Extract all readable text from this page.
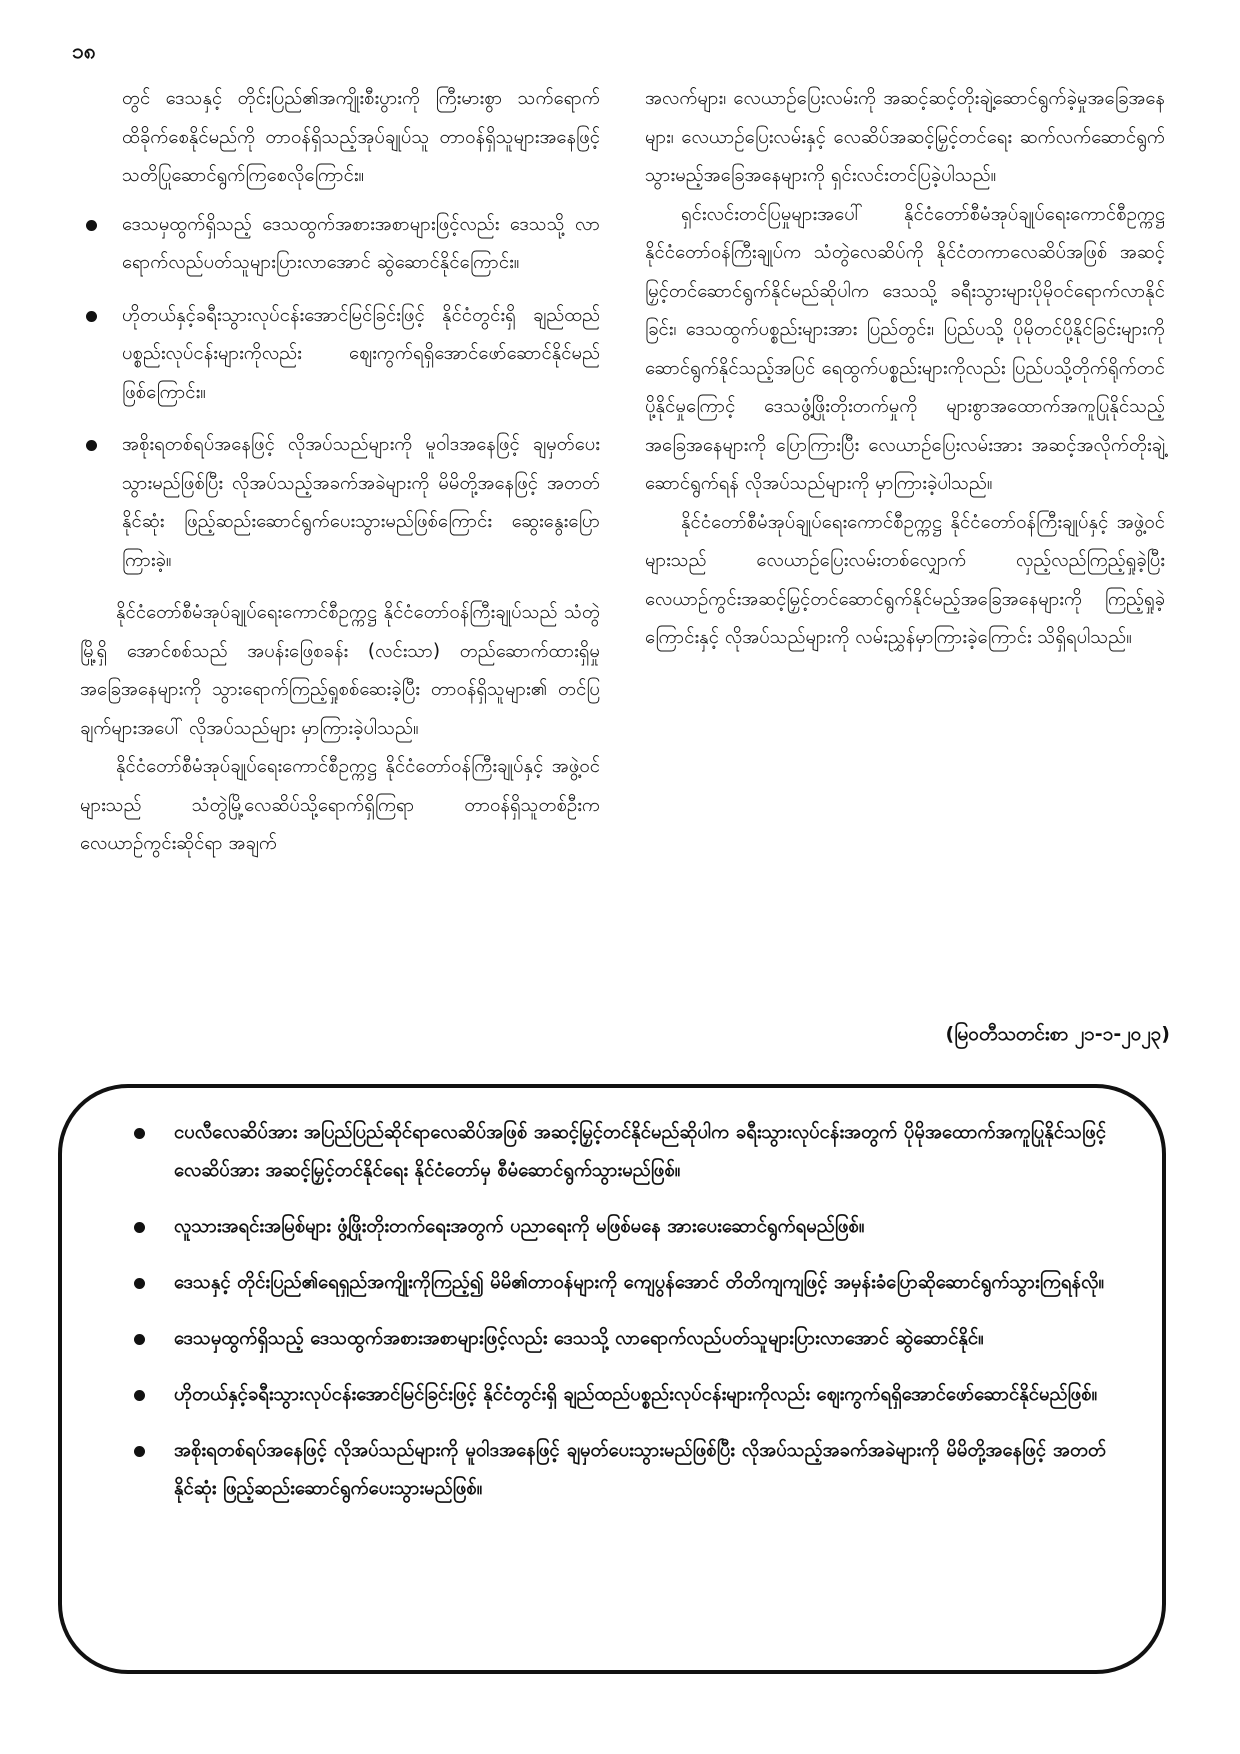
၁၈

တွင် ဒေသနှင့် တိုင်းပြည်၏အကျိုးစီးပွားကို ကြီးမားစွာ သက်ရောက်ထိခိုက်စေနိုင်မည်ကို တာဝန်ရှိသည့်အုပ်ချုပ်သူ တာဝန်ရှိသူများအနေဖြင့် သတိပြုဆောင်ရွက်ကြစေလိုကြောင်း။

ဒေသမှထွက်ရှိသည့် ဒေသထွက်အစားအစာများဖြင့်လည်း ဒေသသို့ လာရောက်လည်ပတ်သူများပြားလာအောင် ဆွဲဆောင်နိုင်ကြောင်း။
ဟိုတယ်နှင့်ခရီးသွားလုပ်ငန်းအောင်မြင်ခြင်းဖြင့် နိုင်ငံတွင်းရှိ ချည်ထည်ပစ္စည်းလုပ်ငန်းများကိုလည်း ဈေးကွက်ရရှိအောင်ဖော်ဆောင်နိုင်မည်ဖြစ်ကြောင်း။
အစိုးရတစ်ရပ်အနေဖြင့် လိုအပ်သည်များကို မူဝါဒအနေဖြင့် ချမှတ်ပေးသွားမည်ဖြစ်ပြီး လိုအပ်သည့်အခက်အခဲများကို မိမိတို့အနေဖြင့် အတတ်နိုင်ဆုံး ဖြည့်ဆည်းဆောင်ရွက်ပေးသွားမည်ဖြစ်ကြောင်း ဆွေးနွေးပြောကြားခဲ့။

နိုင်ငံတော်စီမံအုပ်ချုပ်ရေးကောင်စီဥက္ကဋ္ဌ နိုင်ငံတော်ဝန်ကြီးချုပ်သည် သံတွဲမြို့ရှိ အောင်စစ်သည် အပန်းဖြေစခန်း (လင်းသာ) တည်ဆောက်ထားရှိမှုအခြေအနေများကို သွားရောက်ကြည့်ရှုစစ်ဆေးခဲ့ပြီး တာဝန်ရှိသူများ၏ တင်ပြချက်များအပေါ် လိုအပ်သည်များ မှာကြားခဲ့ပါသည်။

နိုင်ငံတော်စီမံအုပ်ချုပ်ရေးကောင်စီဥက္ကဋ္ဌ နိုင်ငံတော်ဝန်ကြီးချုပ်နှင့် အဖွဲ့ဝင်များသည် သံတွဲမြို့လေဆိပ်သို့ရောက်ရှိကြရာ တာဝန်ရှိသူတစ်ဦးက လေယာဉ်ကွင်းဆိုင်ရာ အချက်

အလက်များ၊ လေယာဉ်ပြေးလမ်းကို အဆင့်ဆင့်တိုးချဲ့ဆောင်ရွက်ခဲ့မှုအခြေအနေများ၊ လေယာဉ်ပြေးလမ်းနှင့် လေဆိပ်အဆင့်မြှင့်တင်ရေး ဆက်လက်ဆောင်ရွက်သွားမည့်အခြေအနေများကို ရှင်းလင်းတင်ပြခဲ့ပါသည်။

ရှင်းလင်းတင်ပြမှုများအပေါ် နိုင်ငံတော်စီမံအုပ်ချုပ်ရေးကောင်စီဥက္ကဋ္ဌ နိုင်ငံတော်ဝန်ကြီးချုပ်က သံတွဲလေဆိပ်ကို နိုင်ငံတကာလေဆိပ်အဖြစ် အဆင့်မြှင့်တင်ဆောင်ရွက်နိုင်မည်ဆိုပါက ဒေသသို့ ခရီးသွားများပိုမိုဝင်ရောက်လာနိုင်ခြင်း၊ ဒေသထွက်ပစ္စည်းများအား ပြည်တွင်း၊ ပြည်ပသို့ ပိုမိုတင်ပို့နိုင်ခြင်းများကို ဆောင်ရွက်နိုင်သည့်အပြင် ရေထွက်ပစ္စည်းများကိုလည်း ပြည်ပသို့တိုက်ရိုက်တင်ပို့နိုင်မှုကြောင့် ဒေသဖွံ့ဖြိုးတိုးတက်မှုကို များစွာအထောက်အကူပြုနိုင်သည့် အခြေအနေများကို ပြောကြားပြီး လေယာဉ်ပြေးလမ်းအား အဆင့်အလိုက်တိုးချဲ့ဆောင်ရွက်ရန် လိုအပ်သည်များကို မှာကြားခဲ့ပါသည်။

နိုင်ငံတော်စီမံအုပ်ချုပ်ရေးကောင်စီဥက္ကဋ္ဌ နိုင်ငံတော်ဝန်ကြီးချုပ်နှင့် အဖွဲ့ဝင်များသည် လေယာဉ်ပြေးလမ်းတစ်လျှောက် လှည့်လည်ကြည့်ရှုခဲ့ပြီး လေယာဉ်ကွင်းအဆင့်မြှင့်တင်ဆောင်ရွက်နိုင်မည့်အခြေအနေများကို ကြည့်ရှုခဲ့ကြောင်းနှင့် လိုအပ်သည်များကို လမ်းညွှန်မှာကြားခဲ့ကြောင်း သိရှိရပါသည်။

(မြဝတီသတင်းစာ ၂၁-၁-၂၀၂၃)
ငပလီလေဆိပ်အား အပြည်ပြည်ဆိုင်ရာလေဆိပ်အဖြစ် အဆင့်မြှင့်တင်နိုင်မည်ဆိုပါက ခရီးသွားလုပ်ငန်းအတွက် ပိုမိုအထောက်အကူပြုနိုင်သဖြင့် လေဆိပ်အား အဆင့်မြှင့်တင်နိုင်ရေး နိုင်ငံတော်မှ စီမံဆောင်ရွက်သွားမည်ဖြစ်။
လူသားအရင်းအမြစ်များ ဖွံ့ဖြိုးတိုးတက်ရေးအတွက် ပညာရေးကို မဖြစ်မနေ အားပေးဆောင်ရွက်ရမည်ဖြစ်။
ဒေသနှင့် တိုင်းပြည်၏ရေရှည်အကျိုးကိုကြည့်၍ မိမိ၏တာဝန်များကို ကျေပွန်အောင် တိတိကျကျဖြင့် အမှန်းခံပြောဆိုဆောင်ရွက်သွားကြရန်လို။
ဒေသမှထွက်ရှိသည့် ဒေသထွက်အစားအစာများဖြင့်လည်း ဒေသသို့ လာရောက်လည်ပတ်သူများပြားလာအောင် ဆွဲဆောင်နိုင်။
ဟိုတယ်နှင့်ခရီးသွားလုပ်ငန်းအောင်မြင်ခြင်းဖြင့် နိုင်ငံတွင်းရှိ ချည်ထည်ပစ္စည်းလုပ်ငန်းများကိုလည်း ဈေးကွက်ရရှိအောင်ဖော်ဆောင်နိုင်မည်ဖြစ်။
အစိုးရတစ်ရပ်အနေဖြင့် လိုအပ်သည်များကို မူဝါဒအနေဖြင့် ချမှတ်ပေးသွားမည်ဖြစ်ပြီး လိုအပ်သည့်အခက်အခဲများကို မိမိတို့အနေဖြင့် အတတ်နိုင်ဆုံး ဖြည့်ဆည်းဆောင်ရွက်ပေးသွားမည်ဖြစ်။
